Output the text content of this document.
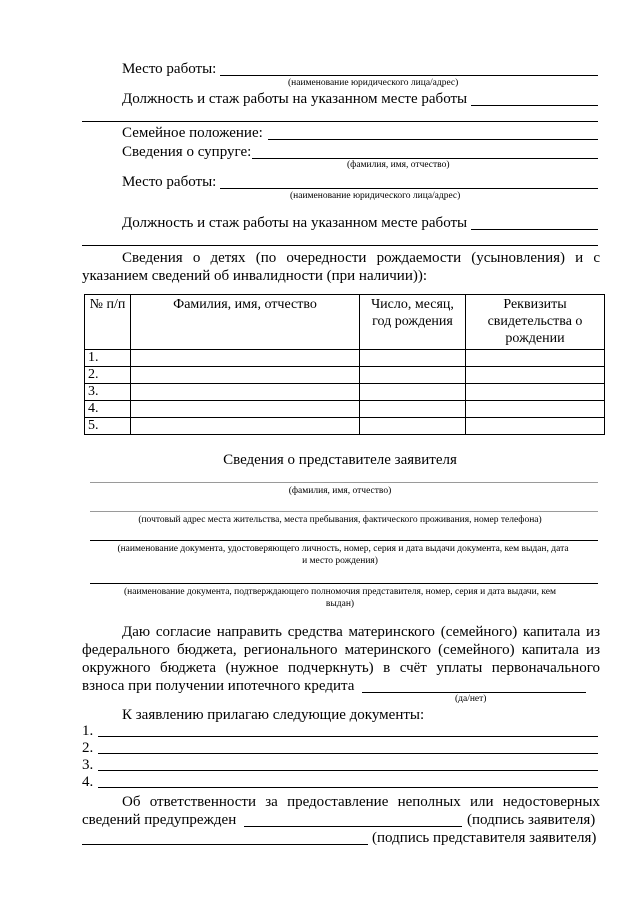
Место работы:
(наименование юридического лица/адрес)
Должность и стаж работы на указанном месте работы
Семейное положение:
Сведения о супруге:
(фамилия, имя, отчество)
Место работы:
(наименование юридического лица/адрес)
Должность и стаж работы на указанном месте работы
Сведения о детях (по очередности рождаемости (усыновления) и с
указанием сведений об инвалидности (при наличии)):
№ п/п	Фамилия, имя, отчество	Число, месяц, год рождения	Реквизиты свидетельства о рождении
1.			
2.			
3.			
4.			
5.			
Сведения о представителе заявителя
(фамилия, имя, отчество)
(почтовый адрес места жительства, места пребывания, фактического проживания, номер телефона)
(наименование документа, удостоверяющего личность, номер, серия и дата выдачи документа, кем выдан, дата
и место рождения)
(наименование документа, подтверждающего полномочия представителя, номер, серия и дата выдачи, кем
выдан)
Даю согласие направить средства материнского (семейного) капитала из
федерального бюджета, регионального материнского (семейного) капитала из
окружного бюджета (нужное подчеркнуть) в счёт уплаты первоначального
взноса при получении ипотечного кредита
(да/нет)
К заявлению прилагаю следующие документы:
1.
2.
3.
4.
Об ответственности за предоставление неполных или недостоверных
сведений предупрежден	(подпись заявителя)
(подпись представителя заявителя)
